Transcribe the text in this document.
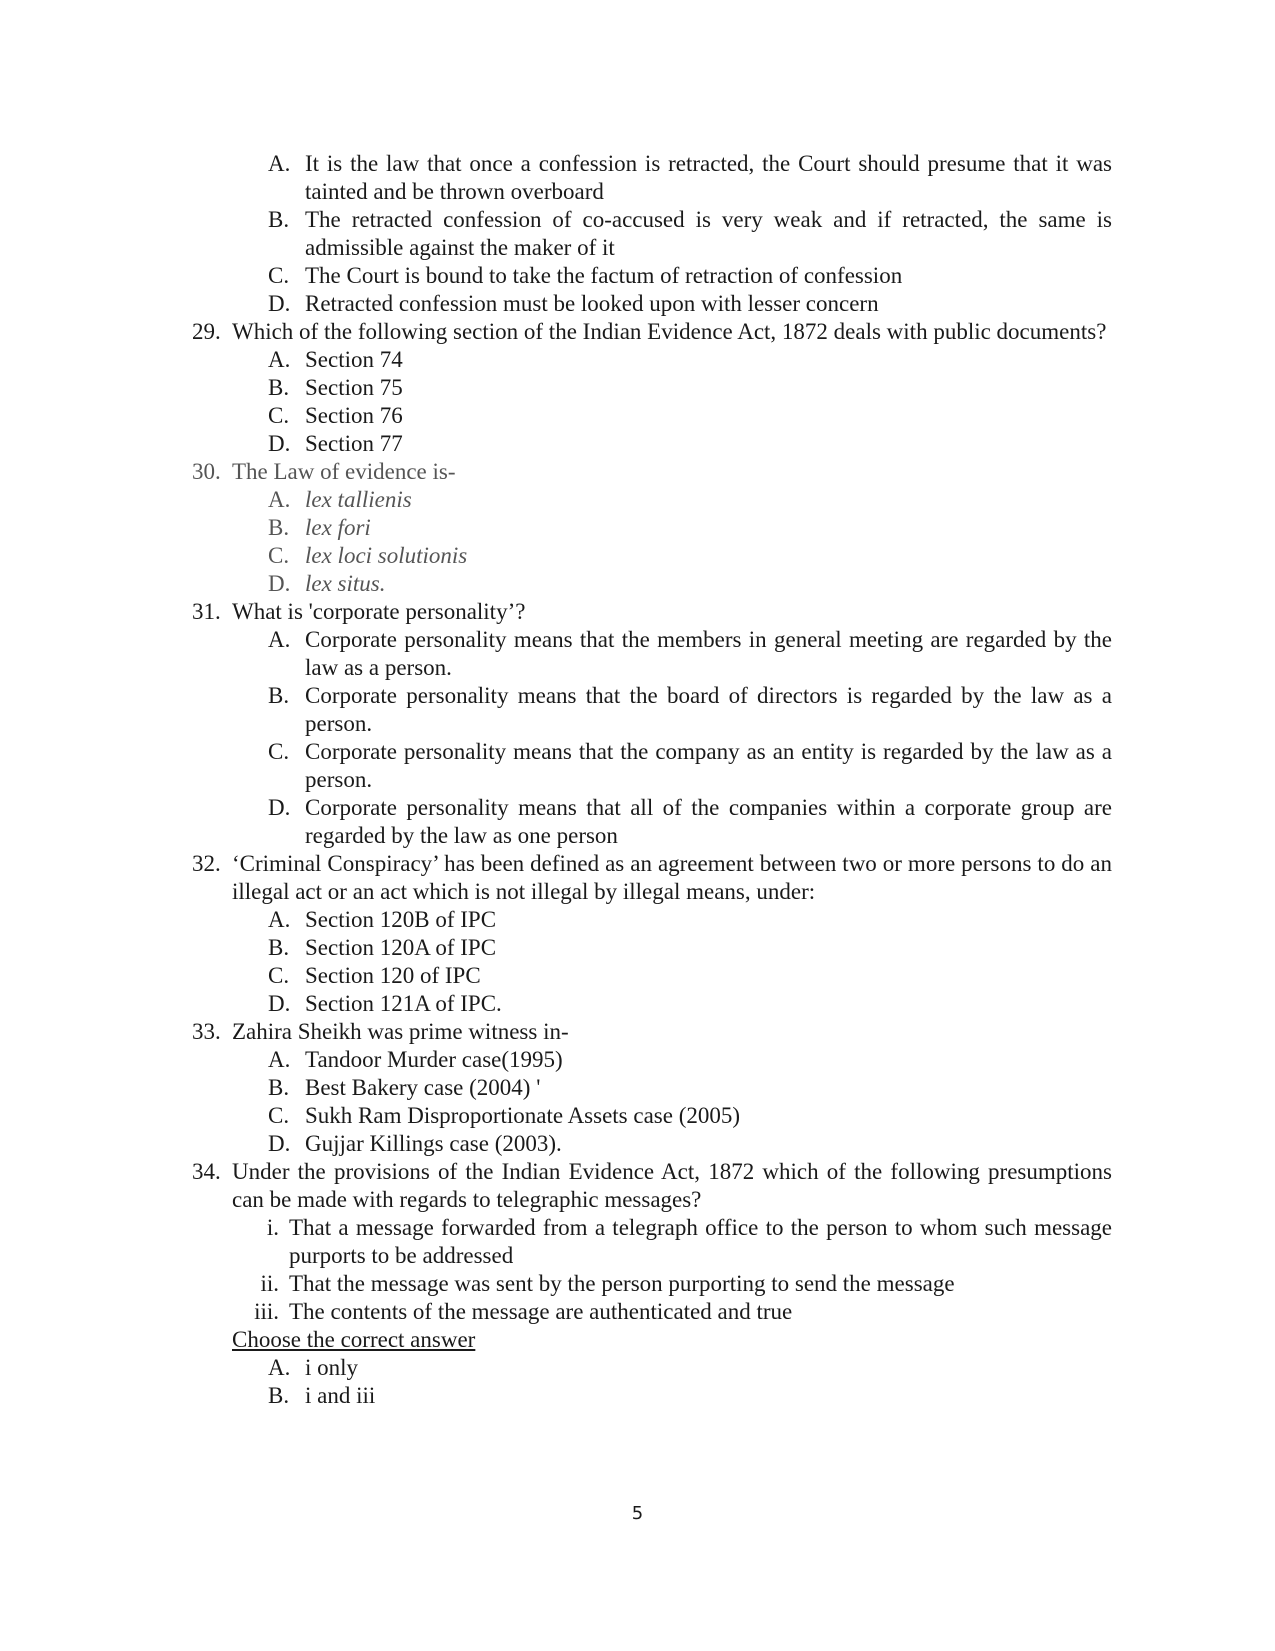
A. It is the law that once a confession is retracted, the Court should presume that it was tainted and be thrown overboard
B. The retracted confession of co-accused is very weak and if retracted, the same is admissible against the maker of it
C. The Court is bound to take the factum of retraction of confession
D. Retracted confession must be looked upon with lesser concern
29. Which of the following section of the Indian Evidence Act, 1872 deals with public documents?
A. Section 74
B. Section 75
C. Section 76
D. Section 77
30. The Law of evidence is-
A. lex tallienis
B. lex fori
C. lex loci solutionis
D. lex situs.
31. What is 'corporate personality’?
A. Corporate personality means that the members in general meeting are regarded by the law as a person.
B. Corporate personality means that the board of directors is regarded by the law as a person.
C. Corporate personality means that the company as an entity is regarded by the law as a person.
D. Corporate personality means that all of the companies within a corporate group are regarded by the law as one person
32. ‘Criminal Conspiracy’ has been defined as an agreement between two or more persons to do an illegal act or an act which is not illegal by illegal means, under:
A. Section 120B of IPC
B. Section 120A of IPC
C. Section 120 of IPC
D. Section 121A of IPC.
33. Zahira Sheikh was prime witness in-
A. Tandoor Murder case(1995)
B. Best Bakery case (2004) '
C. Sukh Ram Disproportionate Assets case (2005)
D. Gujjar Killings case (2003).
34. Under the provisions of the Indian Evidence Act, 1872 which of the following presumptions can be made with regards to telegraphic messages?
i. That a message forwarded from a telegraph office to the person to whom such message purports to be addressed
ii. That the message was sent by the person purporting to send the message
iii. The contents of the message are authenticated and true
Choose the correct answer
A. i only
B. i and iii
5
